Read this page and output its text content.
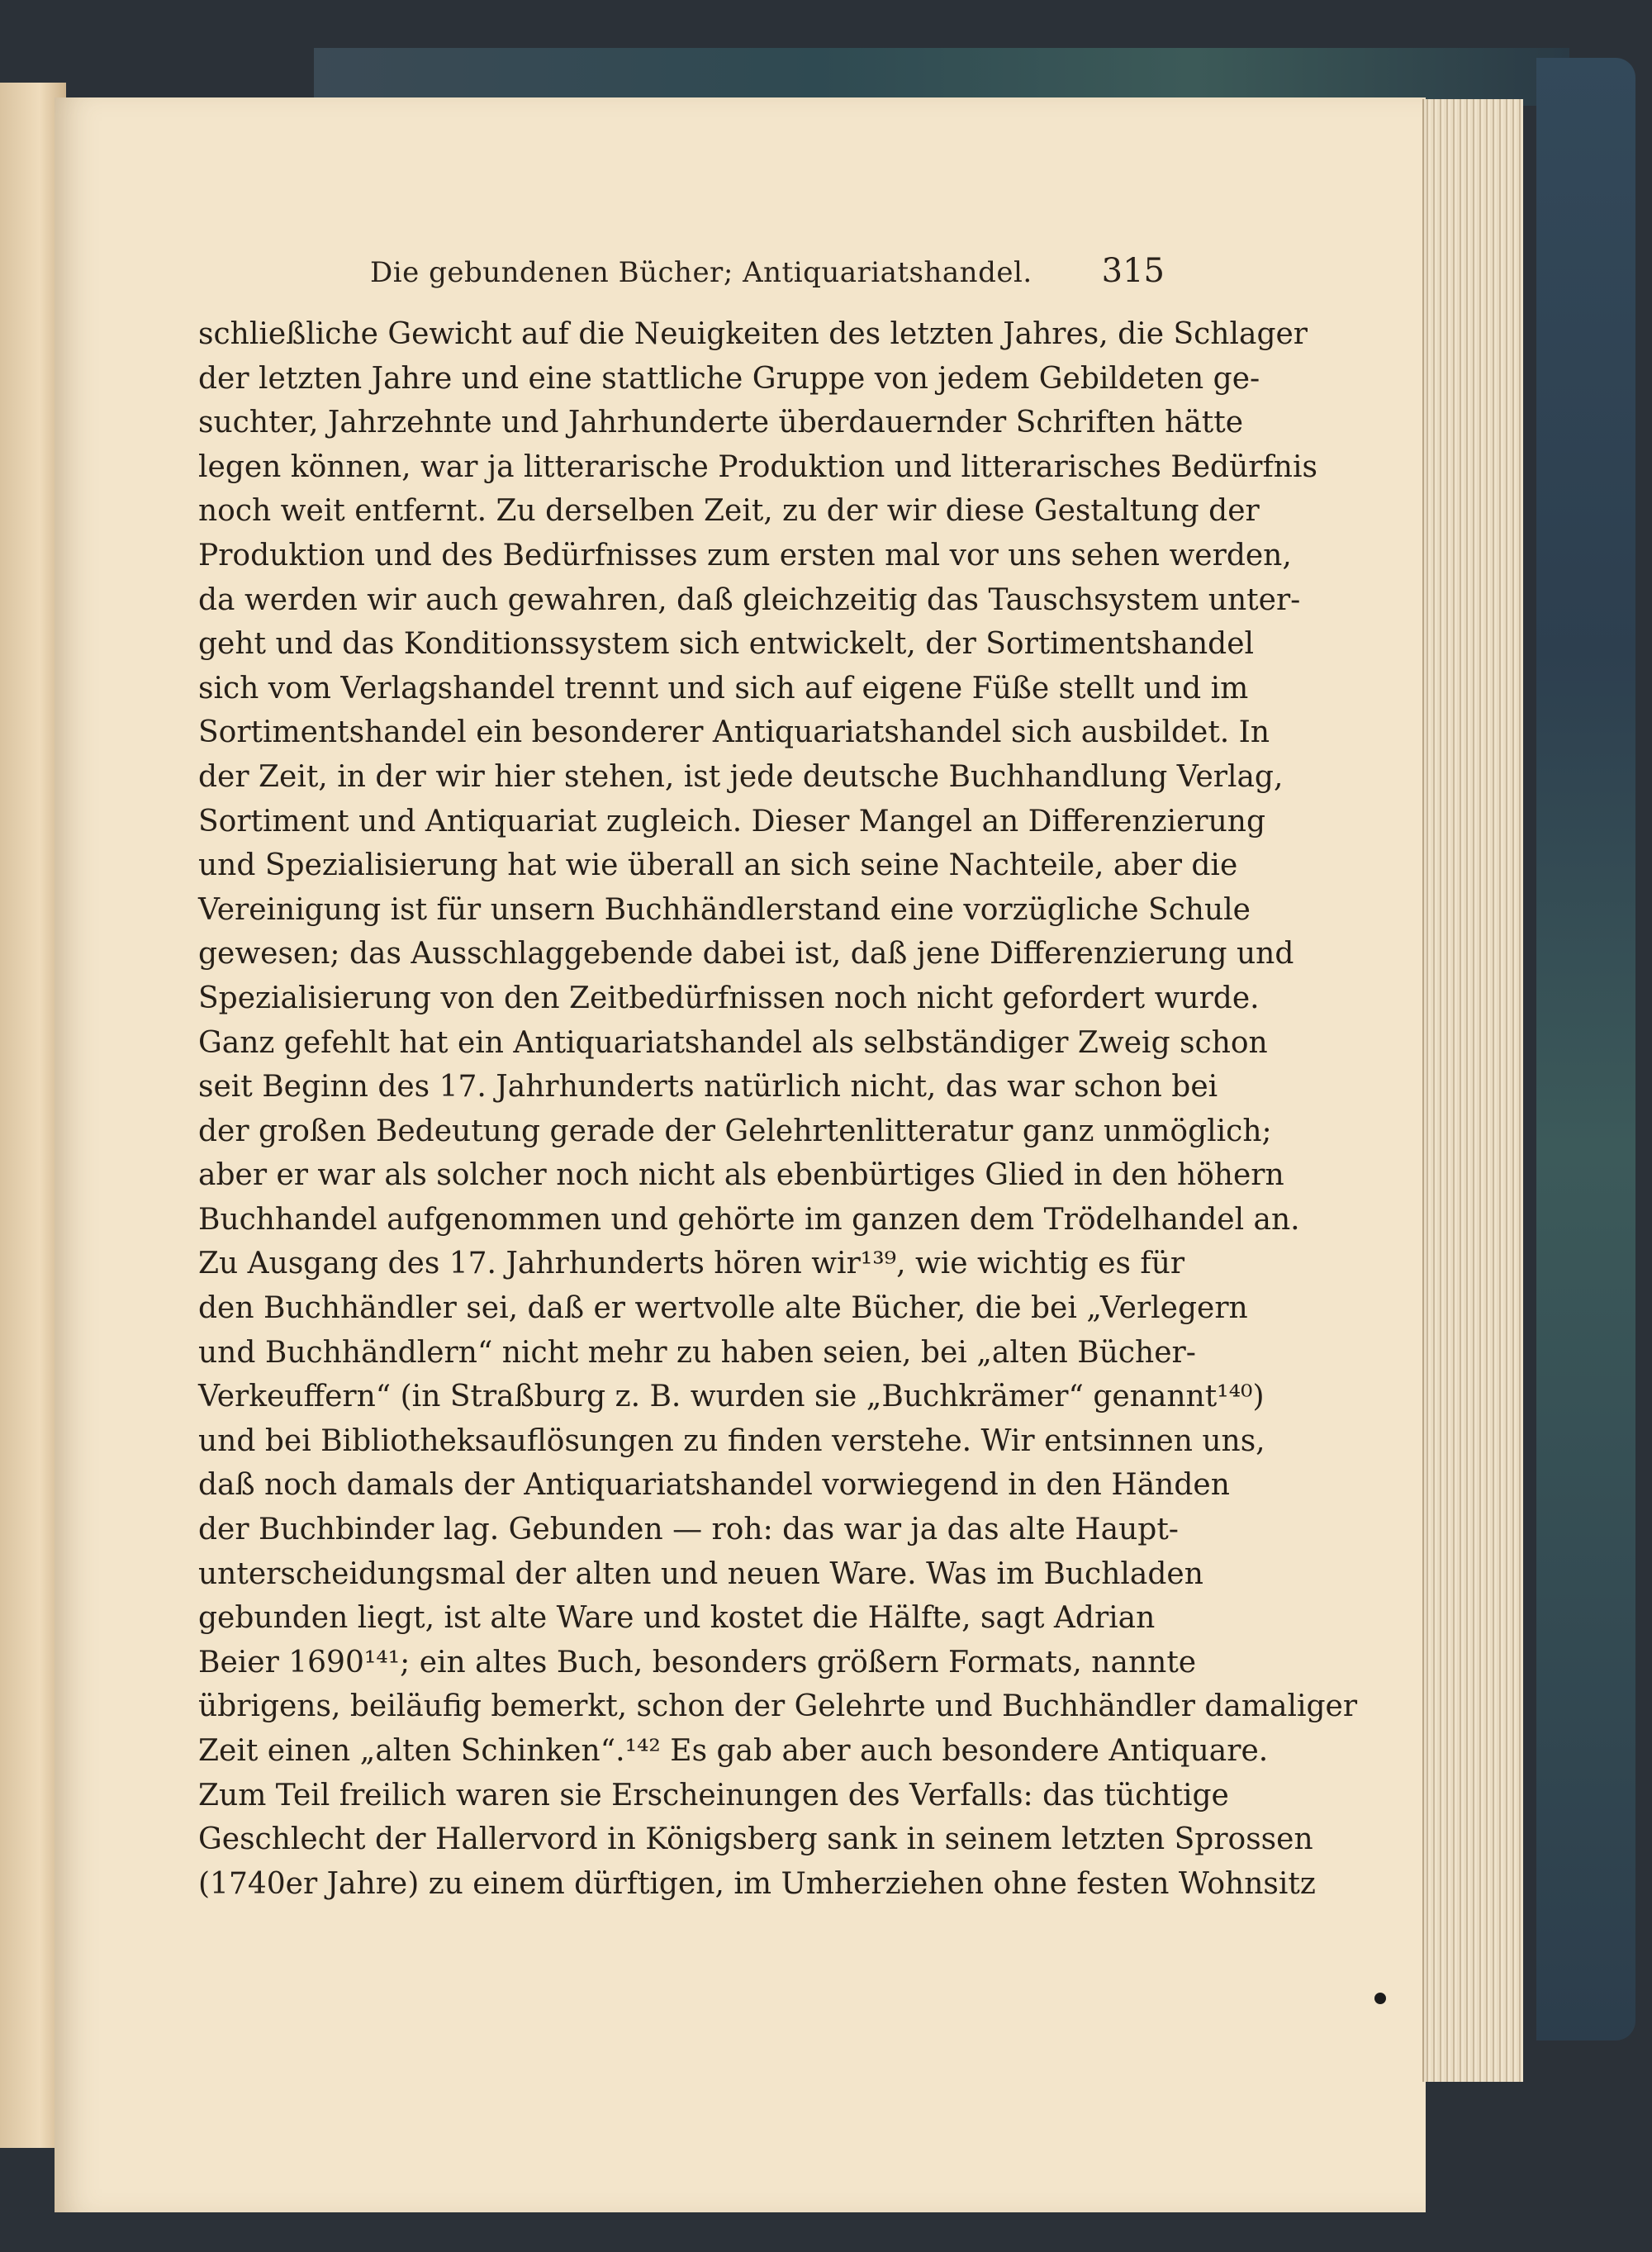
Die gebundenen Bücher; Antiquariatshandel.	315
schließliche Gewicht auf die Neuigkeiten des letzten Jahres, die Schlager
der letzten Jahre und eine stattliche Gruppe von jedem Gebildeten ge-
suchter, Jahrzehnte und Jahrhunderte überdauernder Schriften hätte
legen können, war ja litterarische Produktion und litterarisches Bedürfnis
noch weit entfernt. Zu derselben Zeit, zu der wir diese Gestaltung der
Produktion und des Bedürfnisses zum ersten mal vor uns sehen werden,
da werden wir auch gewahren, daß gleichzeitig das Tauschsystem unter-
geht und das Konditionssystem sich entwickelt, der Sortimentshandel
sich vom Verlagshandel trennt und sich auf eigene Füße stellt und im
Sortimentshandel ein besonderer Antiquariatshandel sich ausbildet. In
der Zeit, in der wir hier stehen, ist jede deutsche Buchhandlung Verlag,
Sortiment und Antiquariat zugleich. Dieser Mangel an Differenzierung
und Spezialisierung hat wie überall an sich seine Nachteile, aber die
Vereinigung ist für unsern Buchhändlerstand eine vorzügliche Schule
gewesen; das Ausschlaggebende dabei ist, daß jene Differenzierung und
Spezialisierung von den Zeitbedürfnissen noch nicht gefordert wurde.
Ganz gefehlt hat ein Antiquariatshandel als selbständiger Zweig schon
seit Beginn des 17. Jahrhunderts natürlich nicht, das war schon bei
der großen Bedeutung gerade der Gelehrtenlitteratur ganz unmöglich;
aber er war als solcher noch nicht als ebenbürtiges Glied in den höhern
Buchhandel aufgenommen und gehörte im ganzen dem Trödelhandel an.
Zu Ausgang des 17. Jahrhunderts hören wir¹³⁹, wie wichtig es für
den Buchhändler sei, daß er wertvolle alte Bücher, die bei „Verlegern
und Buchhändlern“ nicht mehr zu haben seien, bei „alten Bücher-
Verkeuffern“ (in Straßburg z. B. wurden sie „Buchkrämer“ genannt¹⁴⁰)
und bei Bibliotheksauflösungen zu finden verstehe. Wir entsinnen uns,
daß noch damals der Antiquariatshandel vorwiegend in den Händen
der Buchbinder lag. Gebunden — roh: das war ja das alte Haupt-
unterscheidungsmal der alten und neuen Ware. Was im Buchladen
gebunden liegt, ist alte Ware und kostet die Hälfte, sagt Adrian
Beier 1690¹⁴¹; ein altes Buch, besonders größern Formats, nannte
übrigens, beiläufig bemerkt, schon der Gelehrte und Buchhändler damaliger
Zeit einen „alten Schinken“.¹⁴² Es gab aber auch besondere Antiquare.
Zum Teil freilich waren sie Erscheinungen des Verfalls: das tüchtige
Geschlecht der Hallervord in Königsberg sank in seinem letzten Sprossen
(1740er Jahre) zu einem dürftigen, im Umherziehen ohne festen Wohnsitz
